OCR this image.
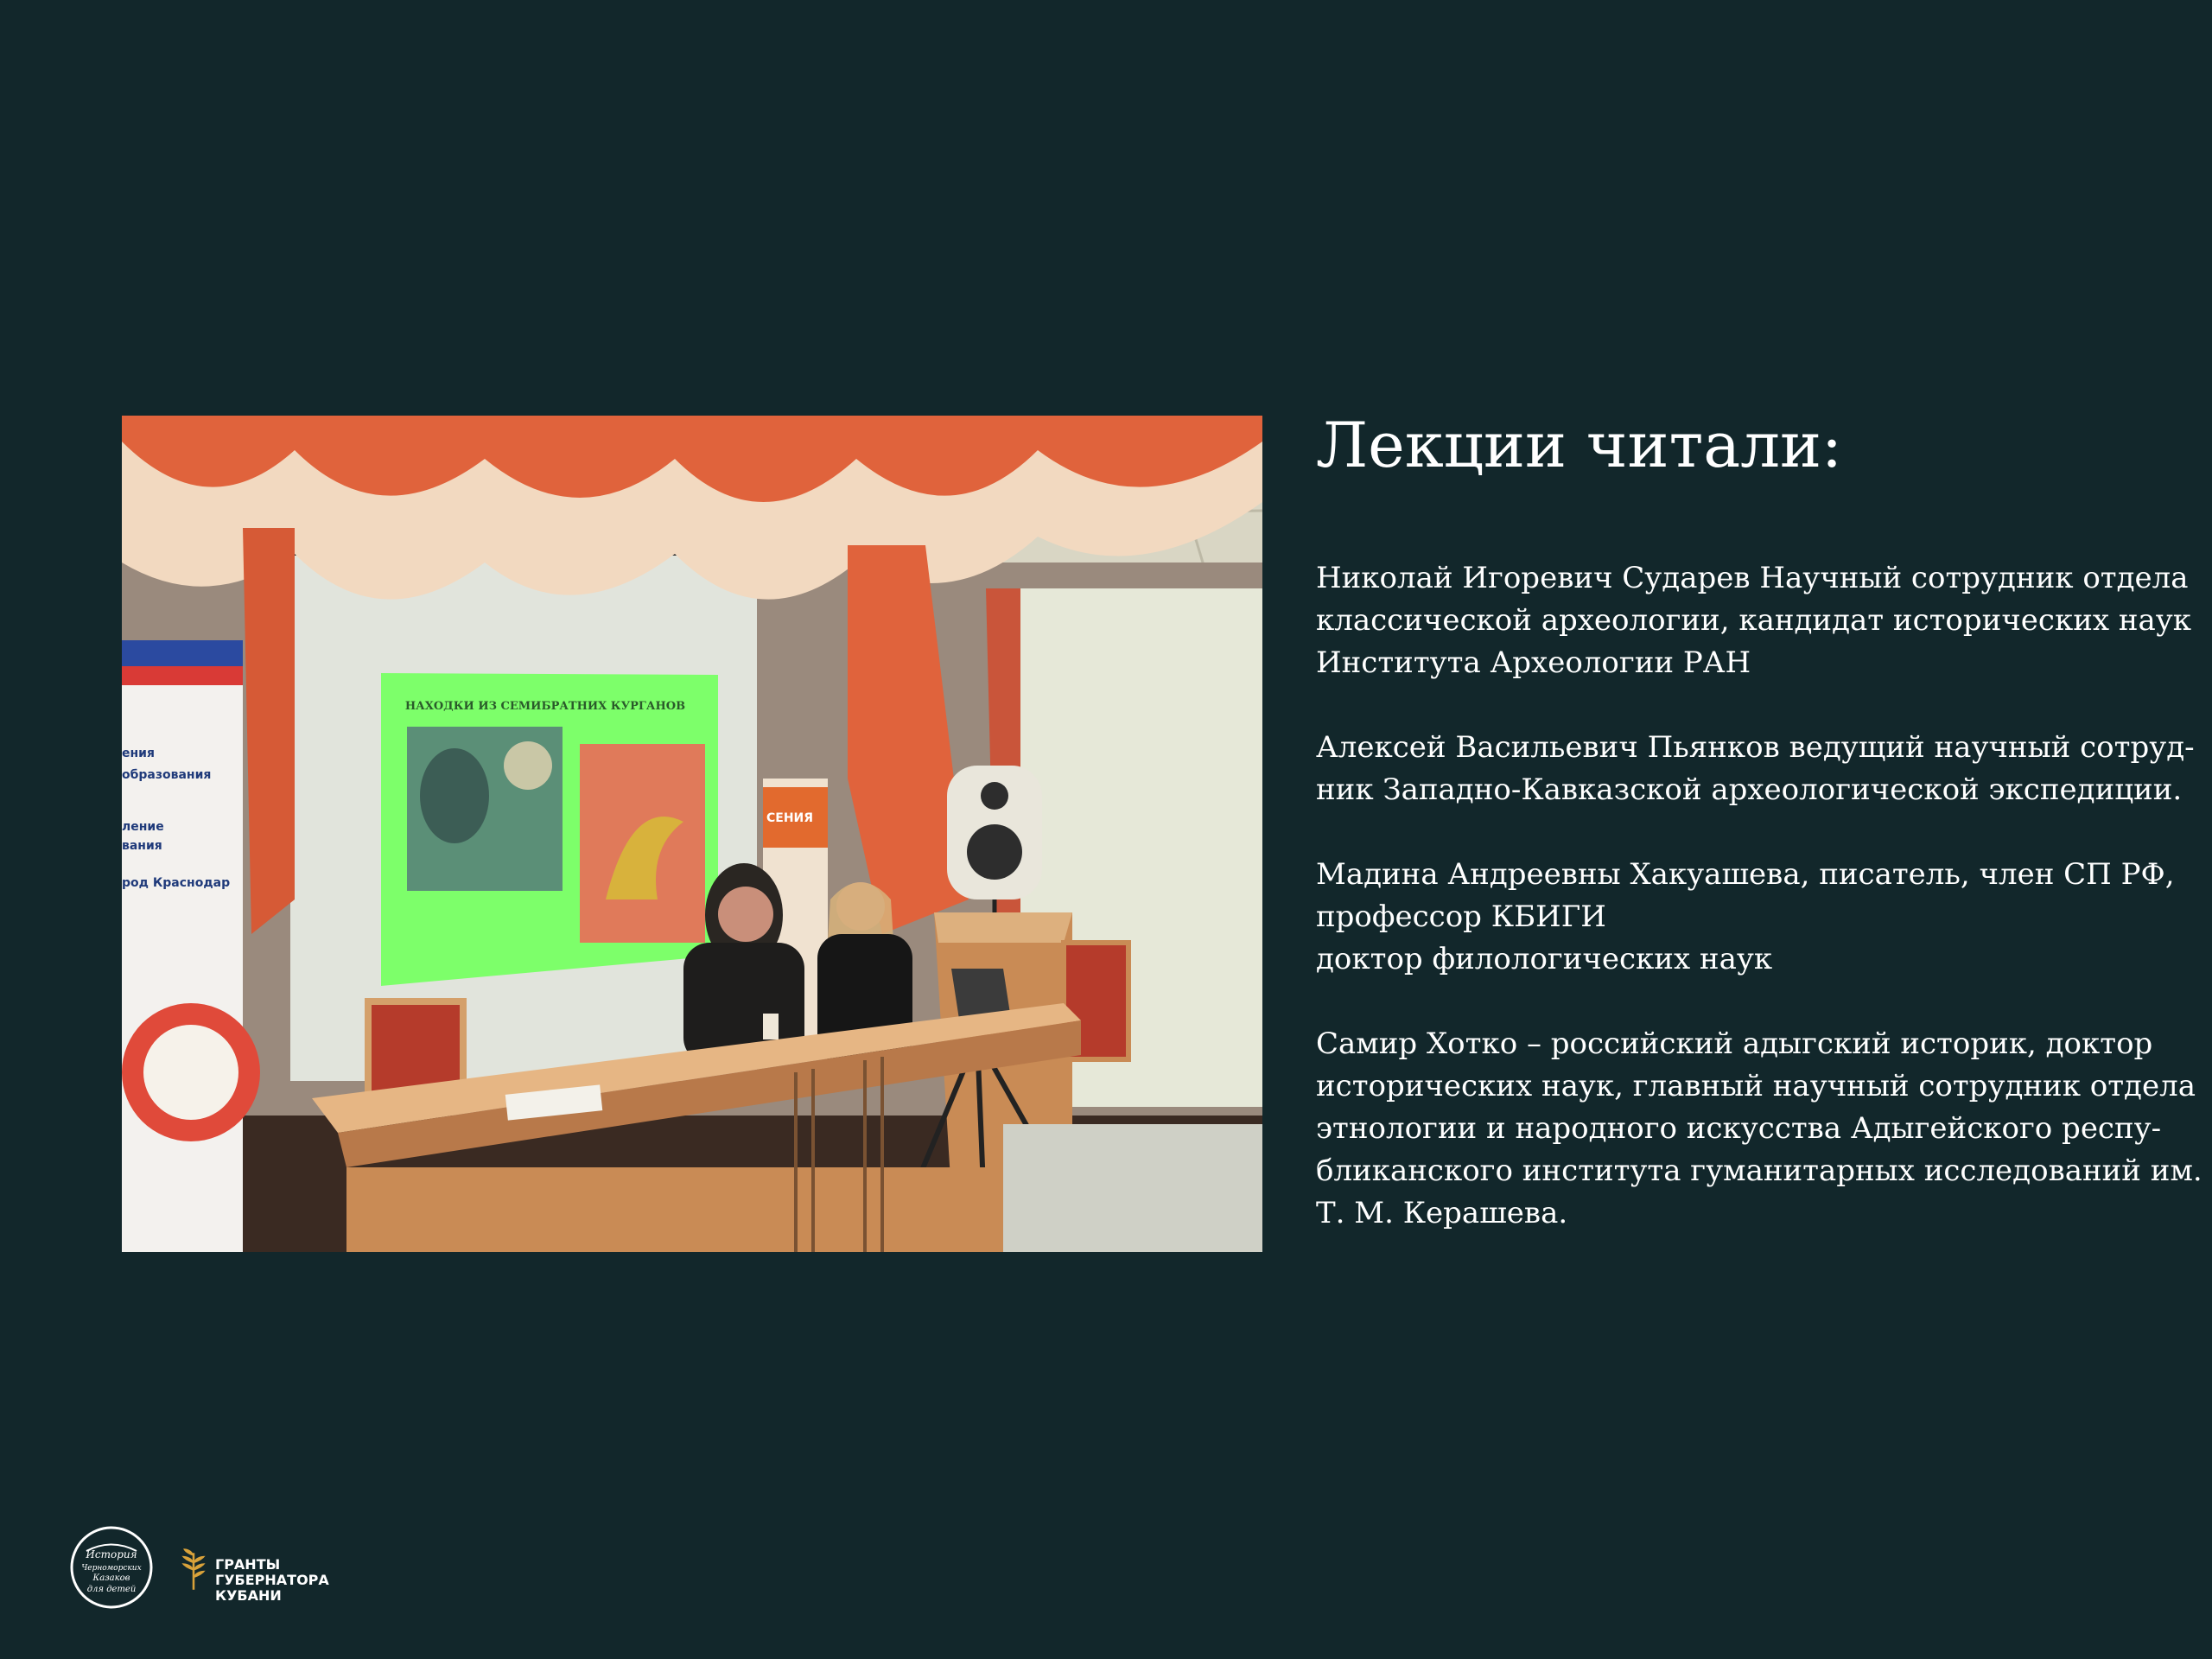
НАХОДКИ ИЗ СЕМИБРАТНИХ КУРГАНОВ
ения
образования
ление
вания
род Краснодар
СЕНИЯ
Лекции читали:
Николай Игоревич Сударев Научный сотрудник отдела
классической археологии, кандидат исторических наук
Института Археологии РАН
Алексей Васильевич Пьянков ведущий научный сотруд-
ник Западно-Кавказской археологической экспедиции.
Мадина Андреевны Хакуашева, писатель, член СП РФ,
профессор КБИГИ
доктор филологических наук
Самир Хотко – российский адыгский историк, доктор
исторических наук, главный научный сотрудник отдела
этнологии и народного искусства Адыгейского респу-
бликанского института гуманитарных исследований им.
Т. М. Керашева.
История
Черноморских
Казаков
для детей
ГРАНТЫ
ГУБЕРНАТОРА
КУБАНИ
